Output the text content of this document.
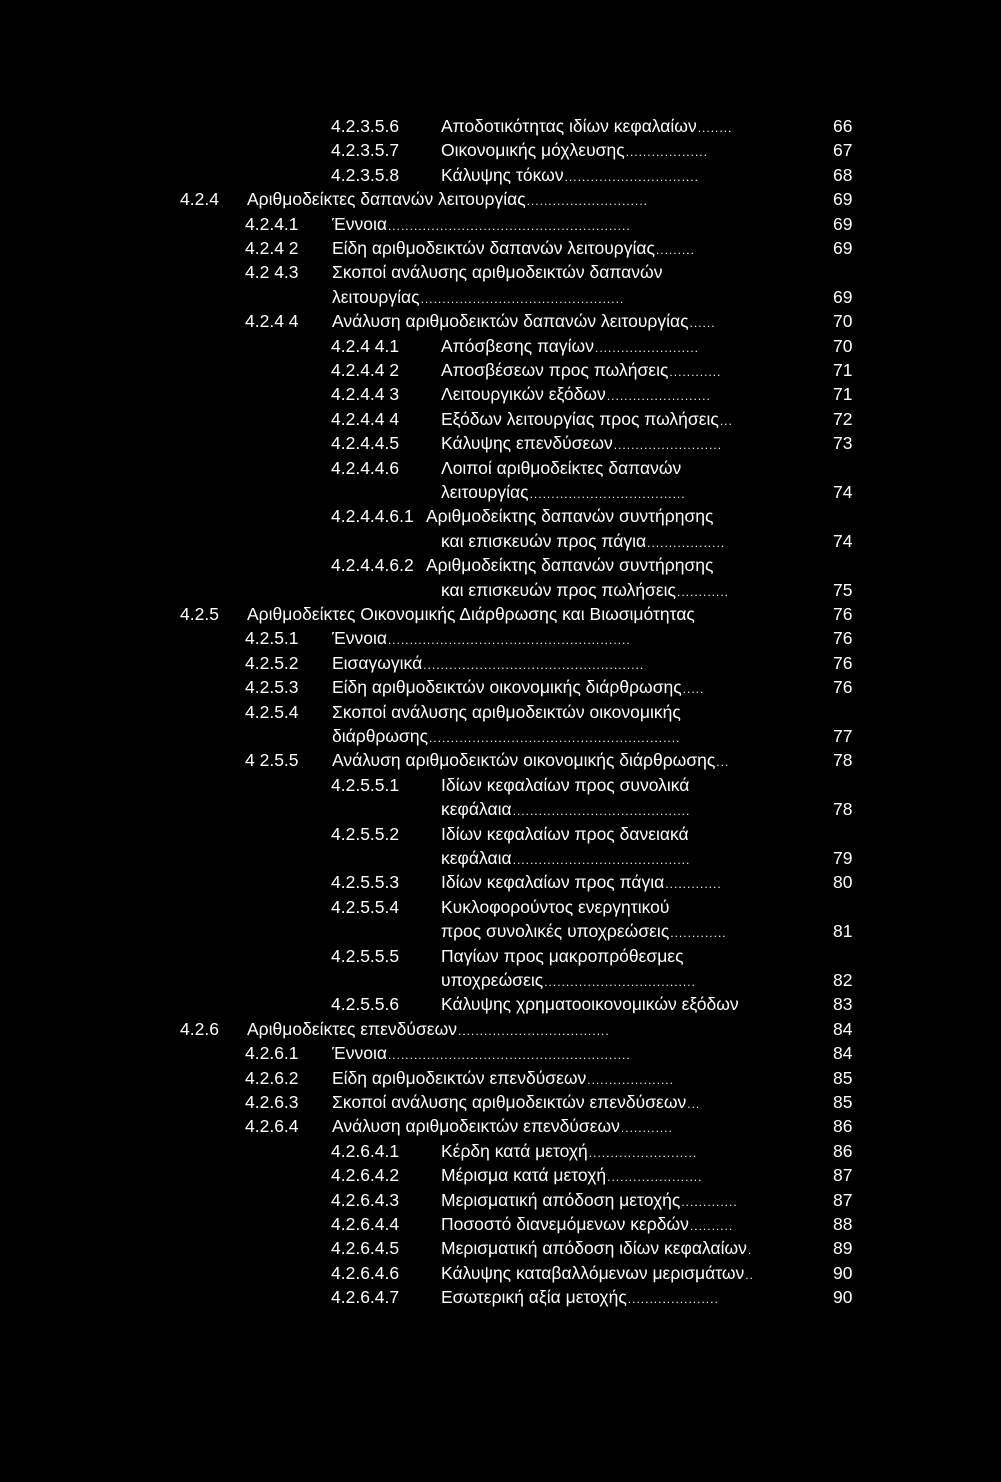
4.2.3.5.6 Αποδοτικότητας ιδίων κεφαλαίων ........	66
4.2.3.5.7 Οικονομικής μόχλευσης ...................	67
4.2.3.5.8 Κάλυψης τόκων ...............................	68
4.2.4 Αριθμοδείκτες δαπανών λειτουργίας ............................	69
4.2.4.1 Έννοια ........................................................	69
4.2.4 2 Είδη αριθμοδεικτών δαπανών λειτουργίας .........	69
4.2 4.3 Σκοποί ανάλυσης αριθμοδεικτών δαπανών
λειτουργίας ...............................................	69
4.2.4 4 Ανάλυση αριθμοδεικτών δαπανών λειτουργίας ......	70
4.2.4 4.1 Απόσβεσης παγίων ........................	70
4.2.4.4 2 Αποσβέσεων προς πωλήσεις ............	71
4.2.4.4 3 Λειτουργικών εξόδων ........................	71
4.2.4.4 4 Εξόδων λειτουργίας προς πωλήσεις ...	72
4.2.4.4.5 Κάλυψης επενδύσεων .........................	73
4.2.4.4.6 Λοιποί αριθμοδείκτες δαπανών
λειτουργίας ....................................	74
4.2.4.4.6.1 Αριθμοδείκτης δαπανών συντήρησης
και επισκευών προς πάγια ..................	74
4.2.4.4.6.2 Αριθμοδείκτης δαπανών συντήρησης
και επισκευών προς πωλήσεις ............	75
4.2.5 Αριθμοδείκτες Οικονομικής Διάρθρωσης και Βιωσιμότητας	76
4.2.5.1 Έννοια ........................................................	76
4.2.5.2 Εισαγωγικά ...................................................	76
4.2.5.3 Είδη αριθμοδεικτών οικονομικής διάρθρωσης .....	76
4.2.5.4 Σκοποί ανάλυσης αριθμοδεικτών οικονομικής
διάρθρωσης ..........................................................	77
4 2.5.5 Ανάλυση αριθμοδεικτών οικονομικής διάρθρωσης ...	78
4.2.5.5.1 Ιδίων κεφαλαίων προς συνολικά
κεφάλαια .........................................	78
4.2.5.5.2 Ιδίων κεφαλαίων προς δανειακά
κεφάλαια .........................................	79
4.2.5.5.3 Ιδίων κεφαλαίων προς πάγια .............	80
4.2.5.5.4 Κυκλοφορούντος ενεργητικού
προς συνολικές υποχρεώσεις .............	81
4.2.5.5.5 Παγίων προς μακροπρόθεσμες
υποχρεώσεις ...................................	82
4.2.5.5.6 Κάλυψης χρηματοοικονομικών εξόδων	83
4.2.6 Αριθμοδείκτες επενδύσεων ...................................	84
4.2.6.1 Έννοια ........................................................	84
4.2.6.2 Είδη αριθμοδεικτών επενδύσεων ....................	85
4.2.6.3 Σκοποί ανάλυσης αριθμοδεικτών επενδύσεων ...	85
4.2.6.4 Ανάλυση αριθμοδεικτών επενδύσεων ............	86
4.2.6.4.1 Κέρδη κατά μετοχή .........................	86
4.2.6.4.2 Μέρισμα κατά μετοχή ......................	87
4.2.6.4.3 Μερισματική απόδοση μετοχής .............	87
4.2.6.4.4 Ποσοστό διανεμόμενων κερδών ..........	88
4.2.6.4.5 Μερισματική απόδοση ιδίων κεφαλαίων .	89
4.2.6.4.6 Κάλυψης καταβαλλόμενων μερισμάτων ..	90
4.2.6.4.7 Εσωτερική αξία μετοχής .....................	90
